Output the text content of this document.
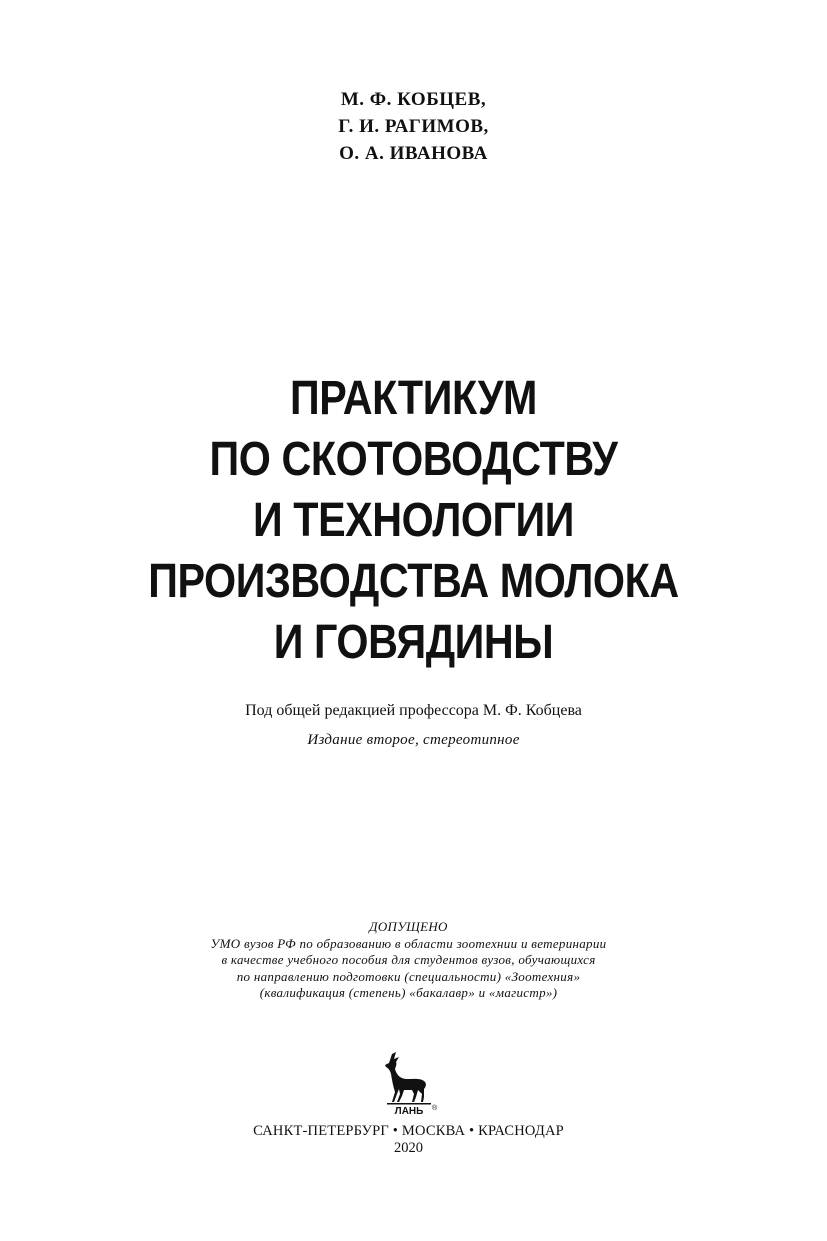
М. Ф. КОБЦЕВ,
Г. И. РАГИМОВ,
О. А. ИВАНОВА
ПРАКТИКУМ
ПО СКОТОВОДСТВУ
И ТЕХНОЛОГИИ
ПРОИЗВОДСТВА МОЛОКА
И ГОВЯДИНЫ
Под общей редакцией профессора М. Ф. Кобцева
Издание второе, стереотипное
ДОПУЩЕНО
УМО вузов РФ по образованию в области зоотехнии и ветеринарии
в качестве учебного пособия для студентов вузов, обучающихся
по направлению подготовки (специальности) «Зоотехния»
(квалификация (степень) «бакалавр» и «магистр»)
ЛАНЬ ®
САНКТ-ПЕТЕРБУРГ • МОСКВА • КРАСНОДАР
2020
